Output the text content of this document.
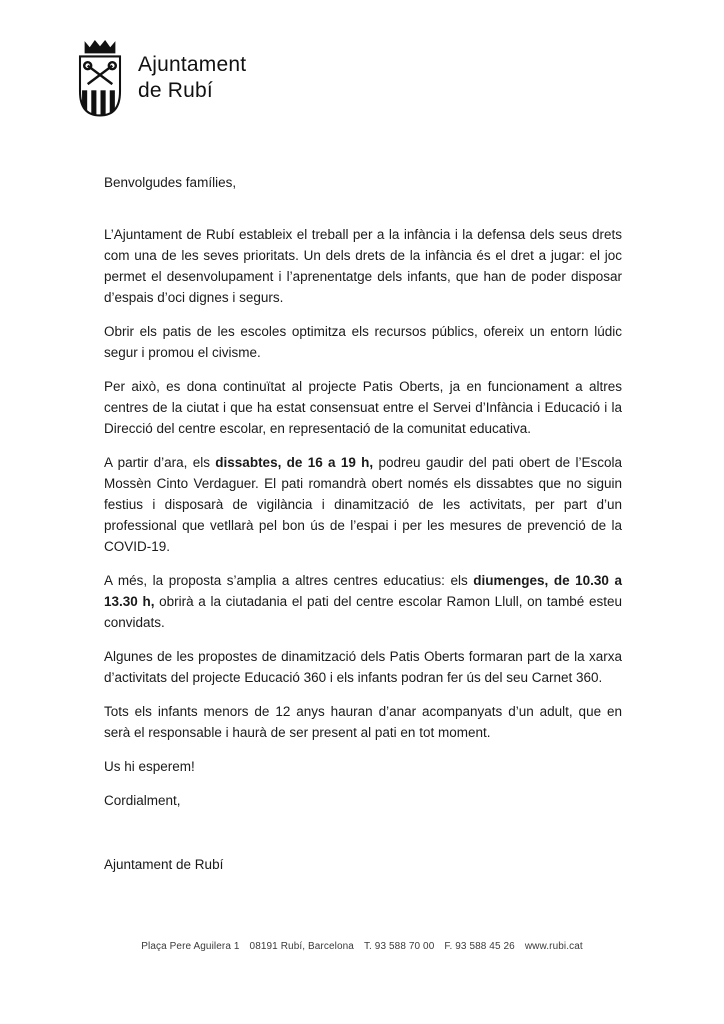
Ajuntament
de Rubí

Benvolgudes famílies,

L’Ajuntament de Rubí estableix el treball per a la infància i la defensa dels seus drets com una de les seves prioritats. Un dels drets de la infància és el dret a jugar: el joc permet el desenvolupament i l’aprenentatge dels infants, que han de poder disposar d’espais d’oci dignes i segurs.

Obrir els patis de les escoles optimitza els recursos públics, ofereix un entorn lúdic segur i promou el civisme.

Per això, es dona continuïtat al projecte Patis Oberts, ja en funcionament a altres centres de la ciutat i que ha estat consensuat entre el Servei d’Infància i Educació i la Direcció del centre escolar, en representació de la comunitat educativa.

A partir d’ara, els dissabtes, de 16 a 19 h, podreu gaudir del pati obert de l’Escola Mossèn Cinto Verdaguer. El pati romandrà obert només els dissabtes que no siguin festius i disposarà de vigilància i dinamització de les activitats, per part d’un professional que vetllarà pel bon ús de l’espai i per les mesures de prevenció de la COVID-19.

A més, la proposta s’amplia a altres centres educatius: els diumenges, de 10.30 a 13.30 h, obrirà a la ciutadania el pati del centre escolar Ramon Llull, on també esteu convidats.

Algunes de les propostes de dinamització dels Patis Oberts formaran part de la xarxa d’activitats del projecte Educació 360 i els infants podran fer ús del seu Carnet 360.

Tots els infants menors de 12 anys hauran d’anar acompanyats d’un adult, que en serà el responsable i haurà de ser present al pati en tot moment.

Us hi esperem!

Cordialment,

Ajuntament de Rubí

Plaça Pere Aguilera 1 08191 Rubí, Barcelona T. 93 588 70 00 F. 93 588 45 26 www.rubi.cat
